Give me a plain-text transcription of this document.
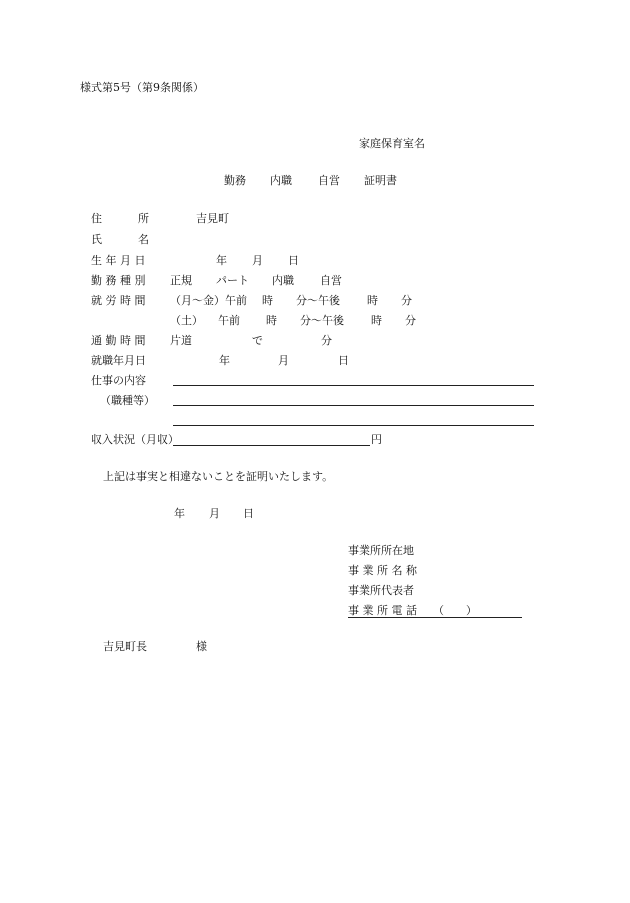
様式第5号（第9条関係）
家庭保育室名
勤務 内職 自営 証明書
住	所	吉見町
氏	名
生 年 月 日	年 月 日
勤 務 種 別 正規 パート 内職 自営
就 労 時 間 （月～金）午前 時 分～午後 時 分
（土） 午前 時 分～午後 時 分
通 勤 時 間 片道	で	分
就職年月日	年	月	日
仕事の内容
（職種等）
収入状況（月収）	円
上記は事実と相違ないことを証明いたします。
年 月 日
事業所所在地
事 業 所 名 称
事業所代表者
事 業 所 電 話 （　　）
吉見町長	様
